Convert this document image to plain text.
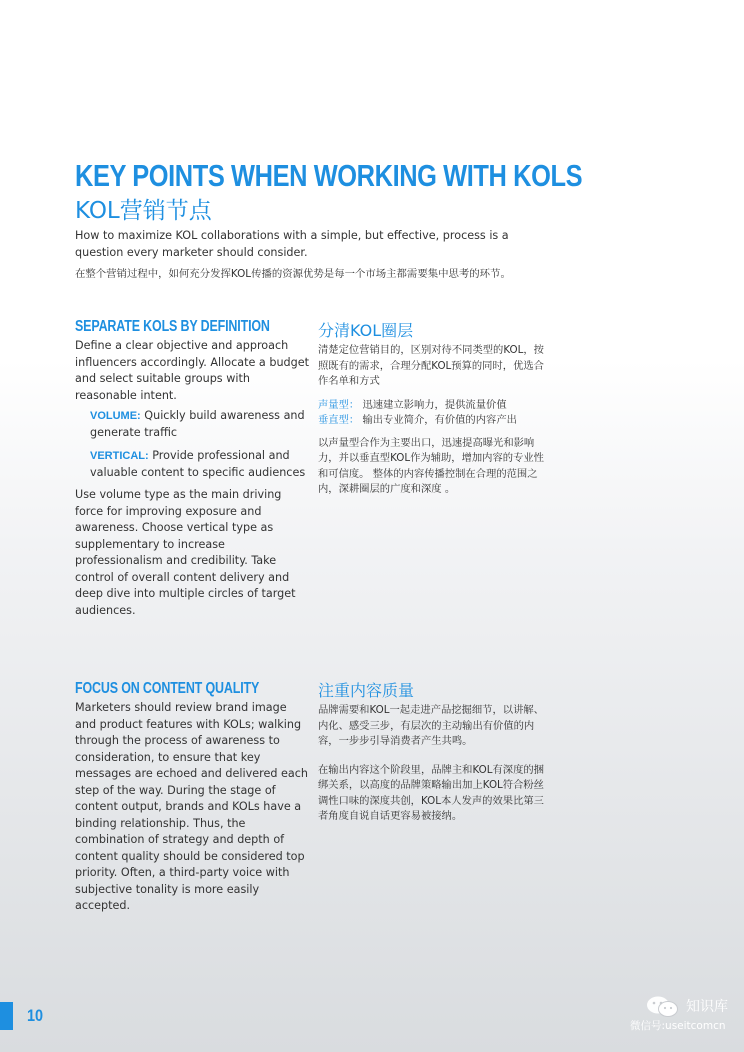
KEY POINTS WHEN WORKING WITH KOLS
KOL营销节点
How to maximize KOL collaborations with a simple, but effective, process is a question every marketer should consider.
在整个营销过程中，如何充分发挥KOL传播的资源优势是每一个市场主都需要集中思考的环节。
SEPARATE KOLS BY DEFINITION

Define a clear objective and approach influencers accordingly. Allocate a budget and select suitable groups with reasonable intent.

VOLUME: Quickly build awareness and generate traffic
VERTICAL: Provide professional and valuable content to specific audiences

Use volume type as the main driving force for improving exposure and awareness. Choose vertical type as supplementary to increase professionalism and credibility. Take control of overall content delivery and deep dive into multiple circles of target audiences.

分清KOL圈层

清楚定位营销目的，区别对待不同类型的KOL，按照既有的需求，合理分配KOL预算的同时，优选合作名单和方式

声量型： 迅速建立影响力，提供流量价值

垂直型： 输出专业简介，有价值的内容产出

以声量型合作为主要出口，迅速提高曝光和影响力，并以垂直型KOL作为辅助，增加内容的专业性和可信度。 整体的内容传播控制在合理的范围之内，深耕圈层的广度和深度 。

FOCUS ON CONTENT QUALITY

Marketers should review brand image and product features with KOLs; walking through the process of awareness to consideration, to ensure that key messages are echoed and delivered each step of the way. During the stage of content output, brands and KOLs have a binding relationship. Thus, the combination of strategy and depth of content quality should be considered top priority. Often, a third-party voice with subjective tonality is more easily accepted.

注重内容质量

品牌需要和KOL一起走进产品挖掘细节，以讲解、内化、感受三步，有层次的主动输出有价值的内容，一步步引导消费者产生共鸣。

在输出内容这个阶段里，品牌主和KOL有深度的捆绑关系，以高度的品牌策略输出加上KOL符合粉丝调性口味的深度共创，KOL本人发声的效果比第三者角度自说自话更容易被接纳。

10	知识库
微信号:useitcomcn
